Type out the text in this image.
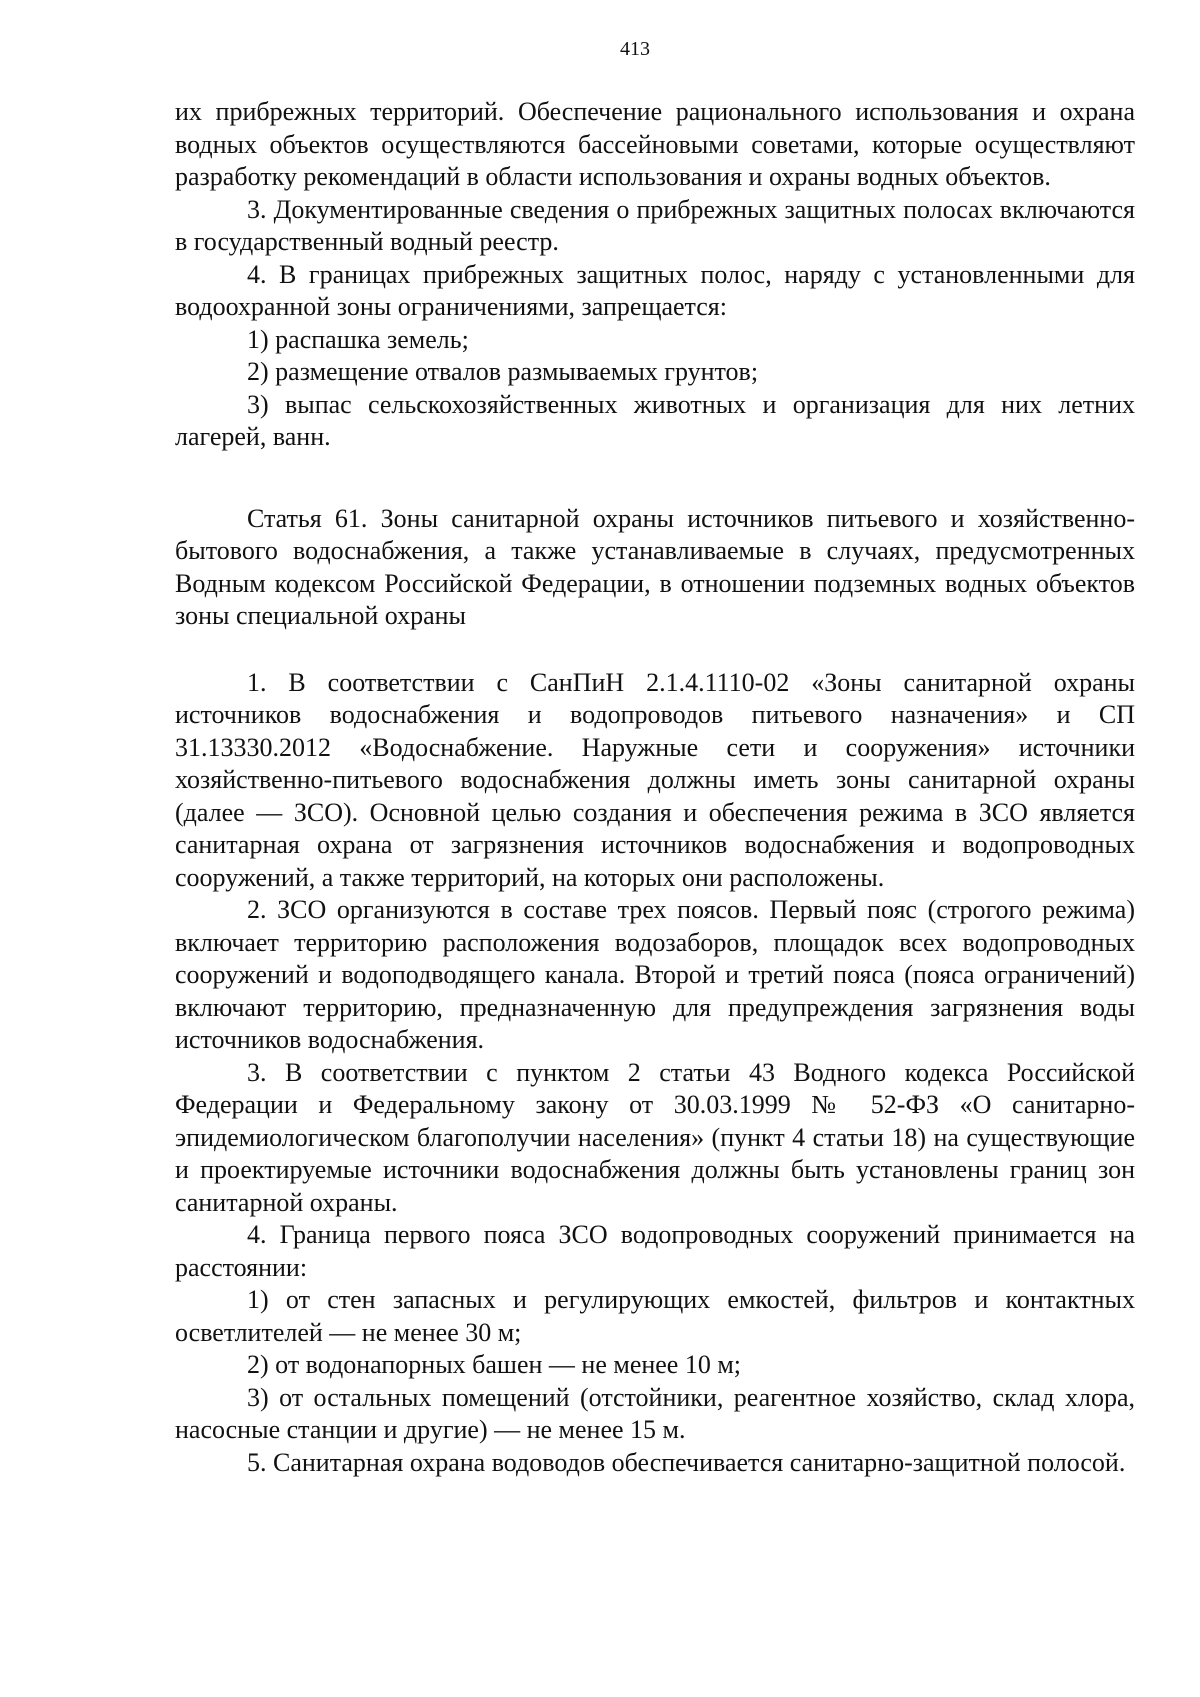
413

их прибрежных территорий. Обеспечение рационального использования и охрана водных объектов осуществляются бассейновыми советами, которые осуществляют разработку рекомендаций в области использования и охраны водных объектов.

3. Документированные сведения о прибрежных защитных полосах включаются в государственный водный реестр.

4. В границах прибрежных защитных полос, наряду с установленными для водоохранной зоны ограничениями, запрещается:

1) распашка земель;

2) размещение отвалов размываемых грунтов;

3) выпас сельскохозяйственных животных и организация для них летних лагерей, ванн.

Статья 61. Зоны санитарной охраны источников питьевого и хозяйственно- бытового водоснабжения, а также устанавливаемые в случаях, предусмотренных Водным кодексом Российской Федерации, в отношении подземных водных объектов зоны специальной охраны

1. В соответствии с СанПиН 2.1.4.1110-02 «Зоны санитарной охраны источников водоснабжения и водопроводов питьевого назначения» и СП 31.13330.2012 «Водоснабжение. Наружные сети и сооружения» источники хозяйственно-питьевого водоснабжения должны иметь зоны санитарной охраны (далее — ЗСО). Основной целью создания и обеспечения режима в ЗСО является санитарная охрана от загрязнения источников водоснабжения и водопроводных сооружений, а также территорий, на которых они расположены.

2. ЗСО организуются в составе трех поясов. Первый пояс (строгого режима) включает территорию расположения водозаборов, площадок всех водопроводных сооружений и водоподводящего канала. Второй и третий пояса (пояса ограничений) включают территорию, предназначенную для предупреждения загрязнения воды источников водоснабжения.

3. В соответствии с пунктом 2 статьи 43 Водного кодекса Российской Федерации и Федеральному закону от 30.03.1999 № 52-ФЗ «О санитарно-эпидемиологическом благополучии населения» (пункт 4 статьи 18) на существующие и проектируемые источники водоснабжения должны быть установлены границ зон санитарной охраны.

4. Граница первого пояса ЗСО водопроводных сооружений принимается на расстоянии:

1) от стен запасных и регулирующих емкостей, фильтров и контактных осветлителей — не менее 30 м;

2) от водонапорных башен — не менее 10 м;

3) от остальных помещений (отстойники, реагентное хозяйство, склад хлора, насосные станции и другие) — не менее 15 м.

5. Санитарная охрана водоводов обеспечивается санитарно-защитной полосой.
